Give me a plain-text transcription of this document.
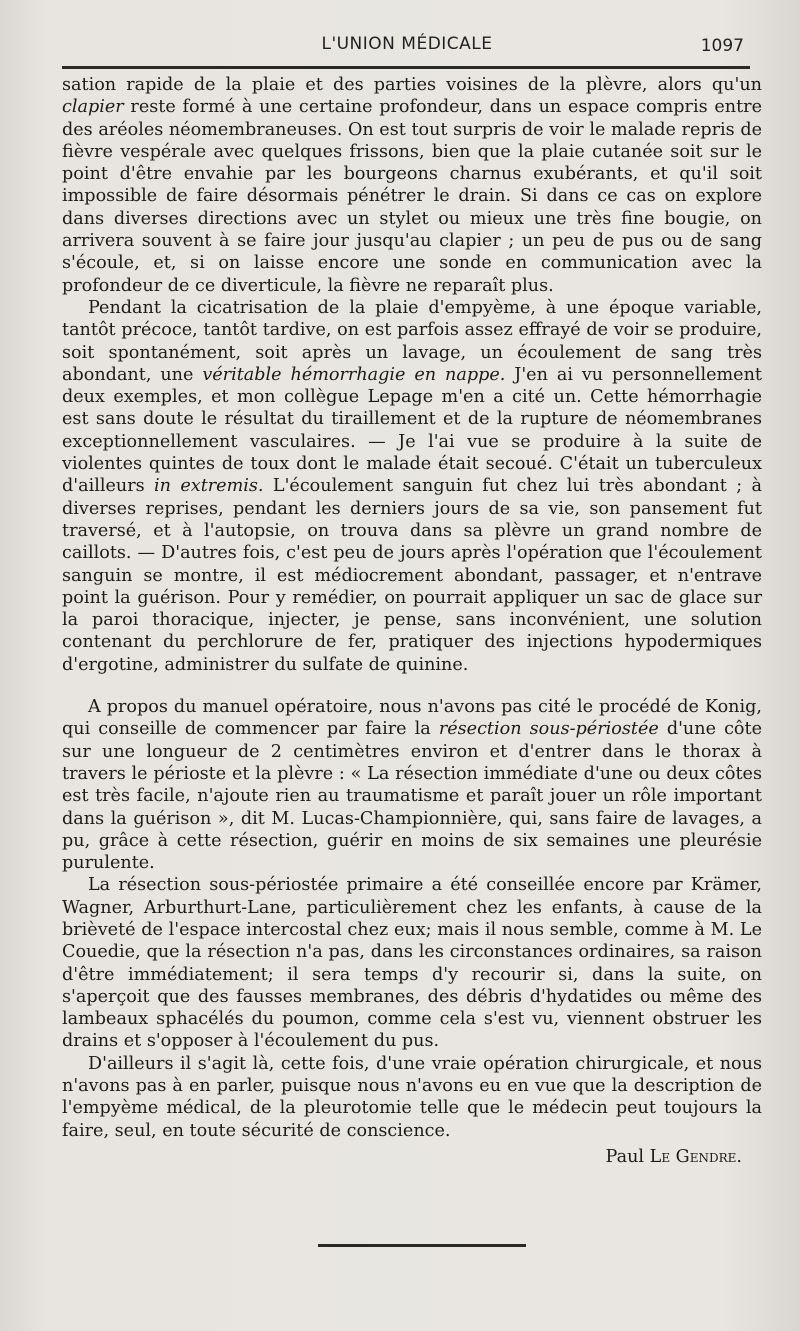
L'UNION MÉDICALE	1097

sation rapide de la plaie et des parties voisines de la plèvre, alors qu'un clapier reste formé à une certaine profondeur, dans un espace compris entre des aréoles néomembraneuses. On est tout surpris de voir le malade repris de fièvre vespérale avec quelques frissons, bien que la plaie cutanée soit sur le point d'être envahie par les bourgeons charnus exubérants, et qu'il soit impossible de faire désormais pénétrer le drain. Si dans ce cas on explore dans diverses directions avec un stylet ou mieux une très fine bougie, on arrivera souvent à se faire jour jusqu'au clapier ; un peu de pus ou de sang s'écoule, et, si on laisse encore une sonde en communication avec la profondeur de ce diverticule, la fièvre ne reparaît plus.

Pendant la cicatrisation de la plaie d'empyème, à une époque variable, tantôt précoce, tantôt tardive, on est parfois assez effrayé de voir se produire, soit spontanément, soit après un lavage, un écoulement de sang très abondant, une véritable hémorrhagie en nappe. J'en ai vu personnellement deux exemples, et mon collègue Lepage m'en a cité un. Cette hémorrhagie est sans doute le résultat du tiraillement et de la rupture de néomembranes exceptionnellement vasculaires. — Je l'ai vue se produire à la suite de violentes quintes de toux dont le malade était secoué. C'était un tuberculeux d'ailleurs in extremis. L'écoulement sanguin fut chez lui très abondant ; à diverses reprises, pendant les derniers jours de sa vie, son pansement fut traversé, et à l'autopsie, on trouva dans sa plèvre un grand nombre de caillots. — D'autres fois, c'est peu de jours après l'opération que l'écoulement sanguin se montre, il est médiocrement abondant, passager, et n'entrave point la guérison. Pour y remédier, on pourrait appliquer un sac de glace sur la paroi thoracique, injecter, je pense, sans inconvénient, une solution contenant du perchlorure de fer, pratiquer des injections hypodermiques d'ergotine, administrer du sulfate de quinine.

A propos du manuel opératoire, nous n'avons pas cité le procédé de Konig, qui conseille de commencer par faire la résection sous-périostée d'une côte sur une longueur de 2 centimètres environ et d'entrer dans le thorax à travers le périoste et la plèvre : « La résection immédiate d'une ou deux côtes est très facile, n'ajoute rien au traumatisme et paraît jouer un rôle important dans la guérison », dit M. Lucas-Championnière, qui, sans faire de lavages, a pu, grâce à cette résection, guérir en moins de six semaines une pleurésie purulente.

La résection sous-périostée primaire a été conseillée encore par Krämer, Wagner, Arburthurt-Lane, particulièrement chez les enfants, à cause de la brièveté de l'espace intercostal chez eux; mais il nous semble, comme à M. Le Couedie, que la résection n'a pas, dans les circonstances ordinaires, sa raison d'être immédiatement; il sera temps d'y recourir si, dans la suite, on s'aperçoit que des fausses membranes, des débris d'hydatides ou même des lambeaux sphacélés du poumon, comme cela s'est vu, viennent obstruer les drains et s'opposer à l'écoulement du pus.

D'ailleurs il s'agit là, cette fois, d'une vraie opération chirurgicale, et nous n'avons pas à en parler, puisque nous n'avons eu en vue que la description de l'empyème médical, de la pleurotomie telle que le médecin peut toujours la faire, seul, en toute sécurité de conscience.

Paul Le Gendre.
